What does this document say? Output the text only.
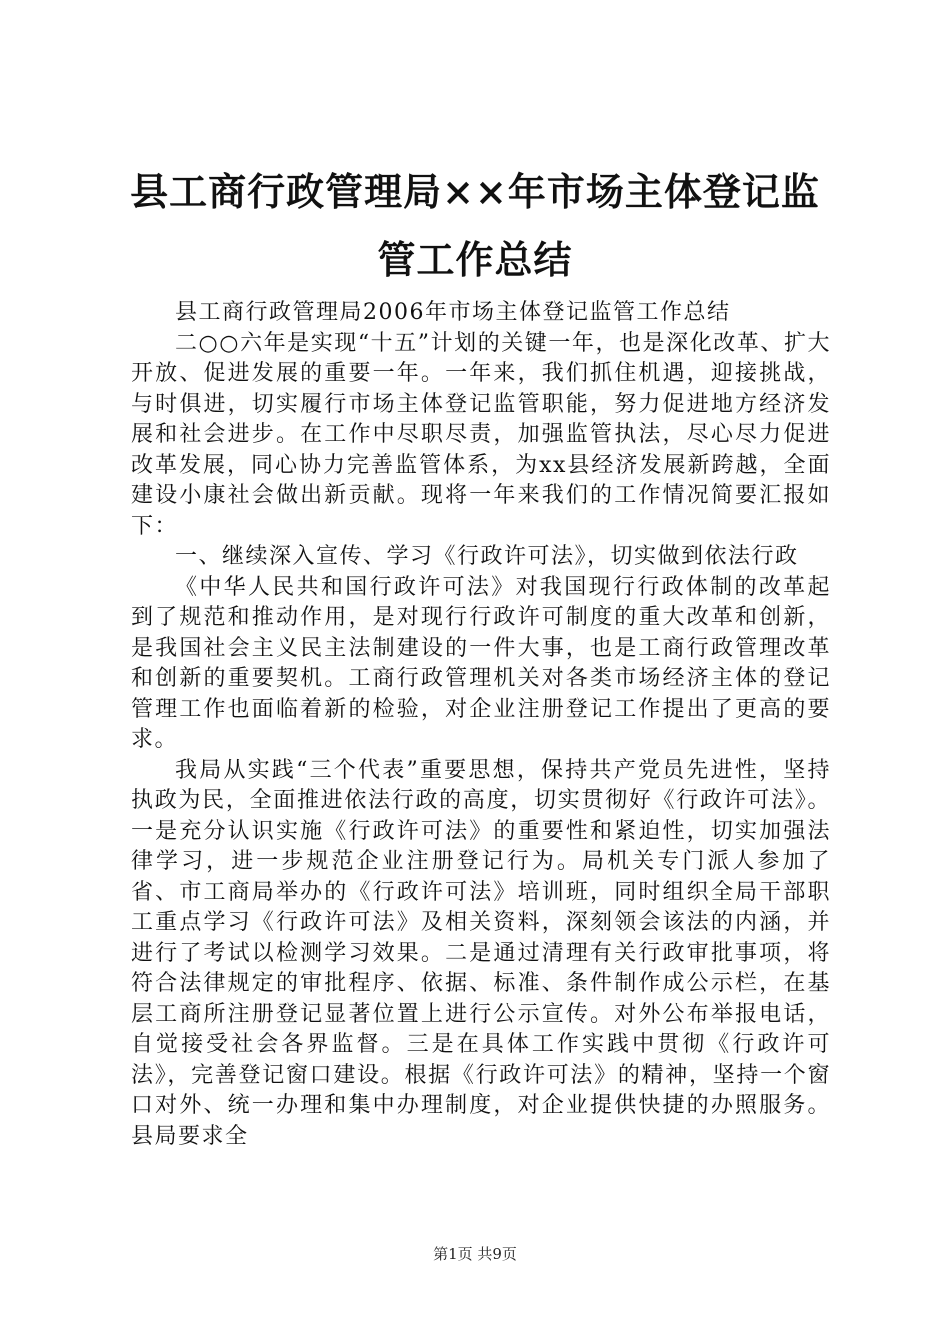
县工商行政管理局××年市场主体登记监管工作总结

县工商行政管理局2006年市场主体登记监管工作总结

二○○六年是实现“十五”计划的关键一年，也是深化改革、扩大开放、促进发展的重要一年。一年来，我们抓住机遇，迎接挑战，与时俱进，切实履行市场主体登记监管职能，努力促进地方经济发展和社会进步。在工作中尽职尽责，加强监管执法，尽心尽力促进改革发展，同心协力完善监管体系，为xx县经济发展新跨越，全面建设小康社会做出新贡献。现将一年来我们的工作情况简要汇报如下：

一、继续深入宣传、学习《行政许可法》，切实做到依法行政

《中华人民共和国行政许可法》对我国现行行政体制的改革起到了规范和推动作用，是对现行行政许可制度的重大改革和创新，是我国社会主义民主法制建设的一件大事，也是工商行政管理改革和创新的重要契机。工商行政管理机关对各类市场经济主体的登记管理工作也面临着新的检验，对企业注册登记工作提出了更高的要求。

我局从实践“三个代表”重要思想，保持共产党员先进性，坚持执政为民，全面推进依法行政的高度，切实贯彻好《行政许可法》。一是充分认识实施《行政许可法》的重要性和紧迫性，切实加强法律学习，进一步规范企业注册登记行为。局机关专门派人参加了省、市工商局举办的《行政许可法》培训班，同时组织全局干部职工重点学习《行政许可法》及相关资料，深刻领会该法的内涵，并进行了考试以检测学习效果。二是通过清理有关行政审批事项，将符合法律规定的审批程序、依据、标准、条件制作成公示栏，在基层工商所注册登记显著位置上进行公示宣传。对外公布举报电话，自觉接受社会各界监督。三是在具体工作实践中贯彻《行政许可法》，完善登记窗口建设。根据《行政许可法》的精神，坚持一个窗口对外、统一办理和集中办理制度，对企业提供快捷的办照服务。县局要求全

第1页 共9页
